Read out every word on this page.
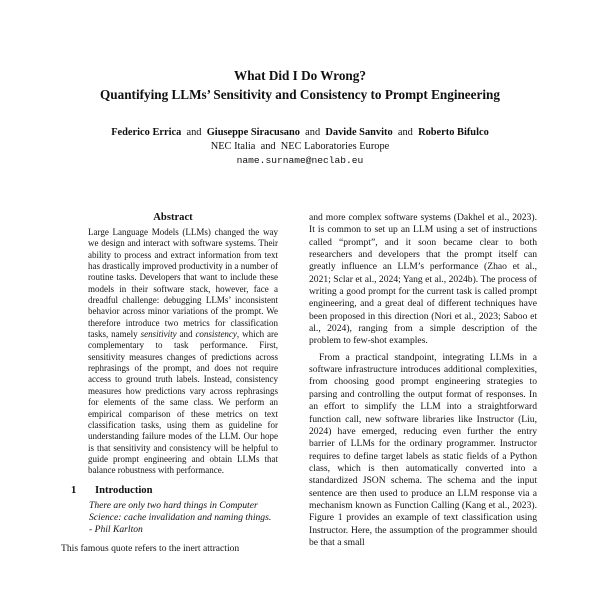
What Did I Do Wrong?
Quantifying LLMs’ Sensitivity and Consistency to Prompt Engineering
Federico Errica and Giuseppe Siracusano and Davide Sanvito and Roberto Bifulco
NEC Italia  and  NEC Laboratories Europe
name.surname@neclab.eu
Abstract

Large Language Models (LLMs) changed the way we design and interact with software systems. Their ability to process and extract information from text has drastically improved productivity in a number of routine tasks. Developers that want to include these models in their software stack, however, face a dreadful challenge: debugging LLMs’ inconsistent behavior across minor variations of the prompt. We therefore introduce two metrics for classification tasks, namely sensitivity and consistency, which are complementary to task performance. First, sensitivity measures changes of predictions across rephrasings of the prompt, and does not require access to ground truth labels. Instead, consistency measures how predictions vary across rephrasings for elements of the same class. We perform an empirical comparison of these metrics on text classification tasks, using them as guideline for understanding failure modes of the LLM. Our hope is that sensitivity and consistency will be helpful to guide prompt engineering and obtain LLMs that balance robustness with performance.

1 Introduction
There are only two hard things in Computer Science: cache invalidation and naming things. - Phil Karlton

This famous quote refers to the inert attraction

and more complex software systems (Dakhel et al., 2023). It is common to set up an LLM using a set of instructions called “prompt”, and it soon became clear to both researchers and developers that the prompt itself can greatly influence an LLM’s performance (Zhao et al., 2021; Sclar et al., 2024; Yang et al., 2024b). The process of writing a good prompt for the current task is called prompt engineering, and a great deal of different techniques have been proposed in this direction (Nori et al., 2023; Saboo et al., 2024), ranging from a simple description of the problem to few-shot examples.

From a practical standpoint, integrating LLMs in a software infrastructure introduces additional complexities, from choosing good prompt engineering strategies to parsing and controlling the output format of responses. In an effort to simplify the LLM into a straightforward function call, new software libraries like Instructor (Liu, 2024) have emerged, reducing even further the entry barrier of LLMs for the ordinary programmer. Instructor requires to define target labels as static fields of a Python class, which is then automatically converted into a standardized JSON schema. The schema and the input sentence are then used to produce an LLM response via a mechanism known as Function Calling (Kang et al., 2023). Figure 1 provides an example of text classification using Instructor. Here, the assumption of the programmer should be that a small
